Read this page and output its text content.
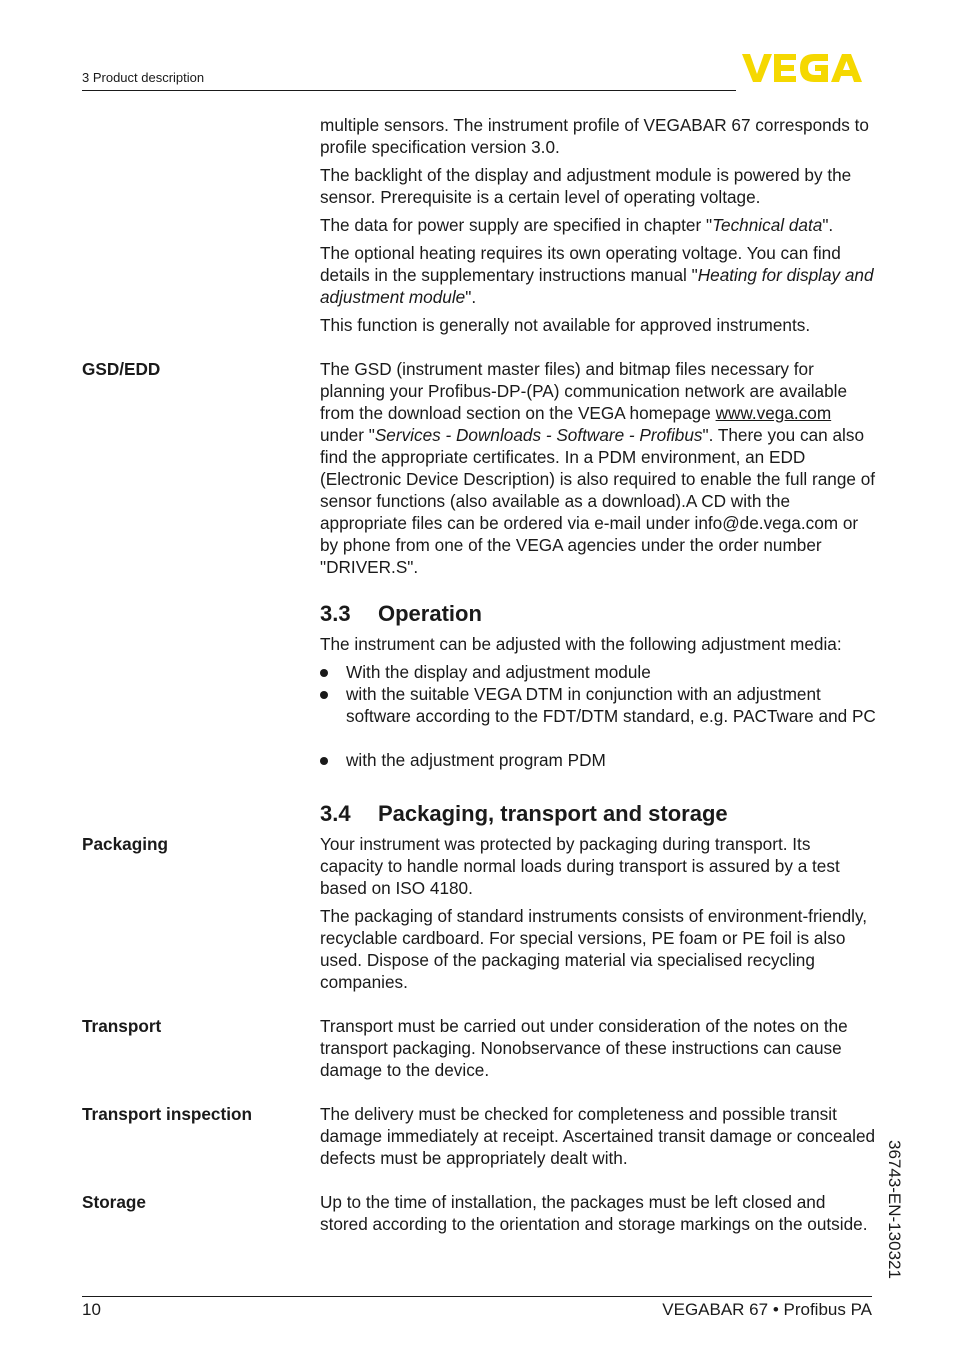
3 Product description

multiple sensors. The instrument profile of VEGABAR 67 corresponds to profile specification version 3.0.

The backlight of the display and adjustment module is powered by the sensor. Prerequisite is a certain level of operating voltage.

The data for power supply are specified in chapter "Technical data".

The optional heating requires its own operating voltage. You can find details in the supplementary instructions manual "Heating for display and adjustment module".

This function is generally not available for approved instruments.

GSD/EDD	The GSD (instrument master files) and bitmap files necessary for planning your Profibus-DP-(PA) communication network are available from the download section on the VEGA homepage www.vega.com under "Services - Downloads - Software - Profibus". There you can also find the appropriate certificates. In a PDM environment, an EDD (Electronic Device Description) is also required to enable the full range of sensor functions (also available as a download).A CD with the appropriate files can be ordered via e-mail under info@de.vega.com or by phone from one of the VEGA agencies under the order number "DRIVER.S".

3.3 Operation

The instrument can be adjusted with the following adjustment media:

With the display and adjustment module
with the suitable VEGA DTM in conjunction with an adjustment software according to the FDT/DTM standard, e.g. PACTware and PC
with the adjustment program PDM
3.4 Packaging, transport and storage
Packaging	Your instrument was protected by packaging during transport. Its capacity to handle normal loads during transport is assured by a test based on ISO 4180.

The packaging of standard instruments consists of environment-friendly, recyclable cardboard. For special versions, PE foam or PE foil is also used. Dispose of the packaging material via specialised recycling companies.

Transport	Transport must be carried out under consideration of the notes on the transport packaging. Nonobservance of these instructions can cause damage to the device.

Transport inspection	The delivery must be checked for completeness and possible transit damage immediately at receipt. Ascertained transit damage or concealed defects must be appropriately dealt with.

Storage	Up to the time of installation, the packages must be left closed and stored according to the orientation and storage markings on the outside.	36743-EN-130321
10	VEGABAR 67 • Profibus PA
